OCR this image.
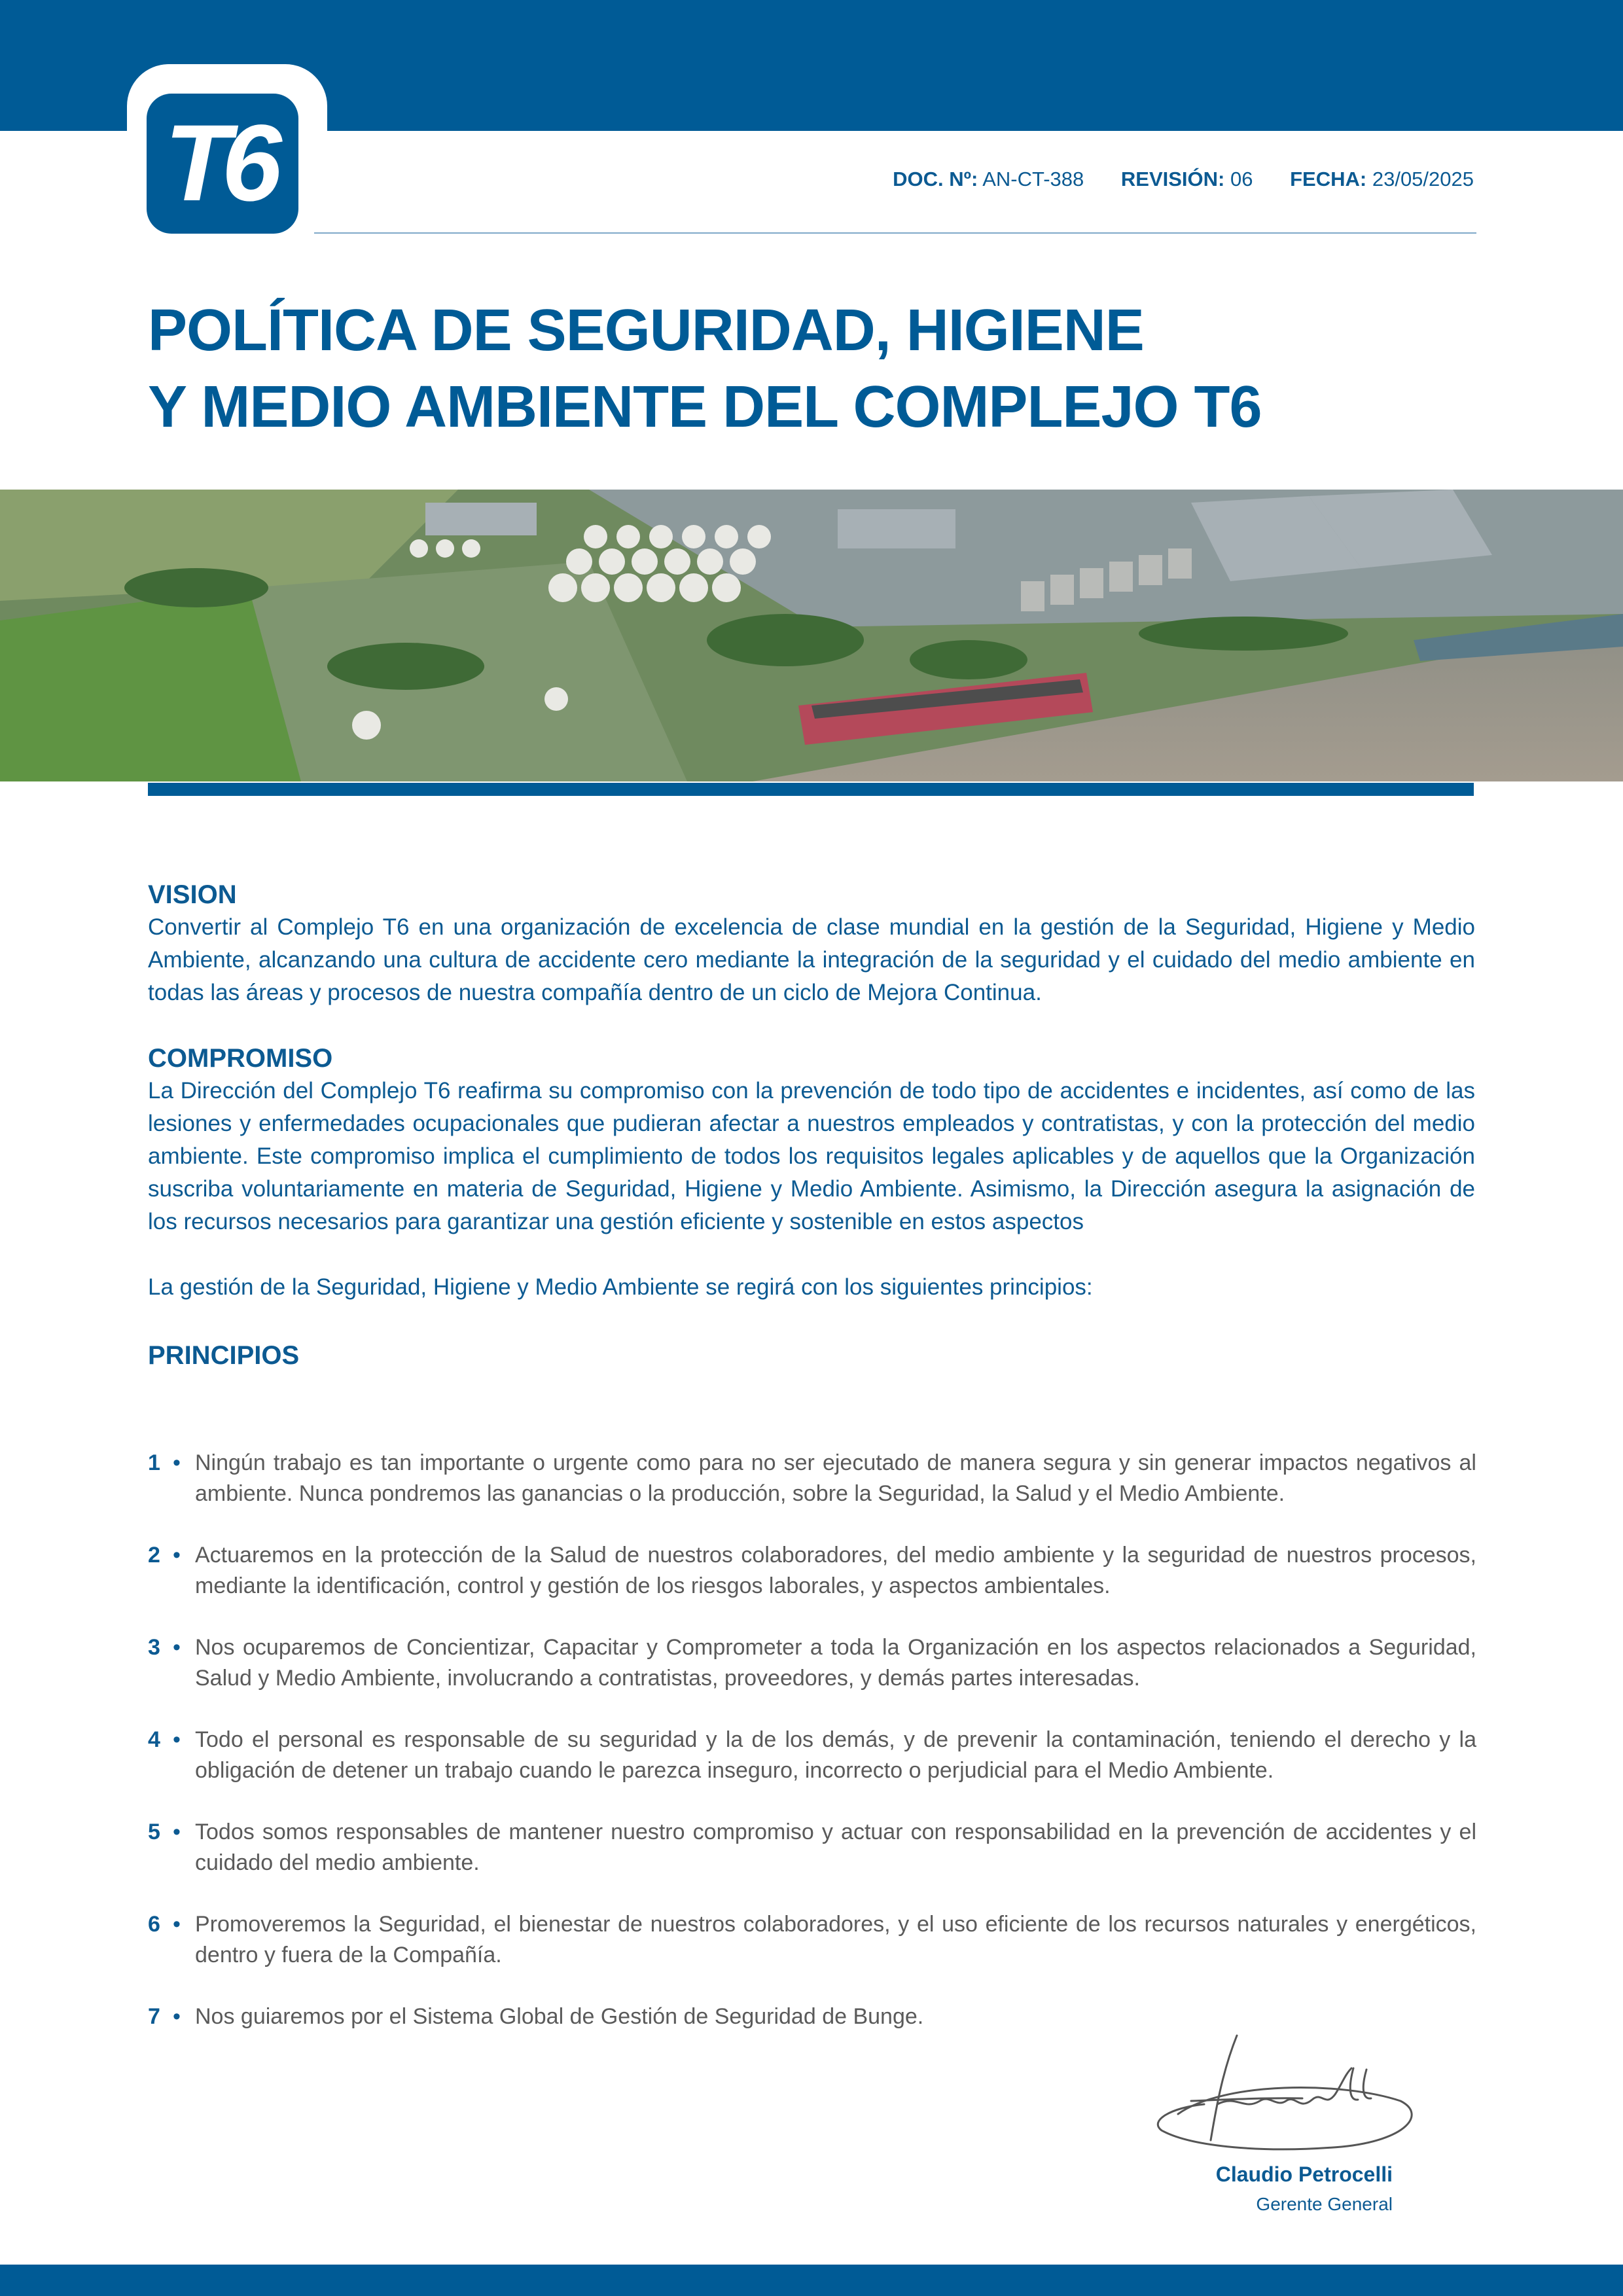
T6	DOC. Nº: AN-CT-388 REVISIÓN: 06 FECHA: 23/05/2025
POLÍTICA DE SEGURIDAD, HIGIENE
Y MEDIO AMBIENTE DEL COMPLEJO T6
VISION
Convertir al Complejo T6 en una organización de excelencia de clase mundial en la gestión de la Seguridad, Higiene y Medio Ambiente, alcanzando una cultura de accidente cero mediante la integración de la seguridad y el cuidado del medio ambiente en todas las áreas y procesos de nuestra compañía dentro de un ciclo de Mejora Continua.
COMPROMISO
La Dirección del Complejo T6 reafirma su compromiso con la prevención de todo tipo de accidentes e incidentes, así como de las lesiones y enfermedades ocupacionales que pudieran afectar a nuestros empleados y contratistas, y con la protección del medio ambiente. Este compromiso implica el cumplimiento de todos los requisitos legales aplicables y de aquellos que la Organización suscriba voluntariamente en materia de Seguridad, Higiene y Medio Ambiente. Asimismo, la Dirección asegura la asignación de los recursos necesarios para garantizar una gestión eficiente y sostenible en estos aspectos
La gestión de la Seguridad, Higiene y Medio Ambiente se regirá con los siguientes principios:
PRINCIPIOS
1 • Ningún trabajo es tan importante o urgente como para no ser ejecutado de manera segura y sin generar impactos negativos al ambiente. Nunca pondremos las ganancias o la producción, sobre la Seguridad, la Salud y el Medio Ambiente.
2 • Actuaremos en la protección de la Salud de nuestros colaboradores, del medio ambiente y la seguridad de nuestros procesos, mediante la identificación, control y gestión de los riesgos laborales, y aspectos ambientales.
3 • Nos ocuparemos de Concientizar, Capacitar y Comprometer a toda la Organización en los aspectos relacionados a Seguridad, Salud y Medio Ambiente, involucrando a contratistas, proveedores, y demás partes interesadas.
4 • Todo el personal es responsable de su seguridad y la de los demás, y de prevenir la contaminación, teniendo el derecho y la obligación de detener un trabajo cuando le parezca inseguro, incorrecto o perjudicial para el Medio Ambiente.
5 • Todos somos responsables de mantener nuestro compromiso y actuar con responsabilidad en la prevención de accidentes y el cuidado del medio ambiente.
6 • Promoveremos la Seguridad, el bienestar de nuestros colaboradores, y el uso eficiente de los recursos naturales y energéticos, dentro y fuera de la Compañía.
7 • Nos guiaremos por el Sistema Global de Gestión de Seguridad de Bunge.
Claudio Petrocelli
Gerente General
